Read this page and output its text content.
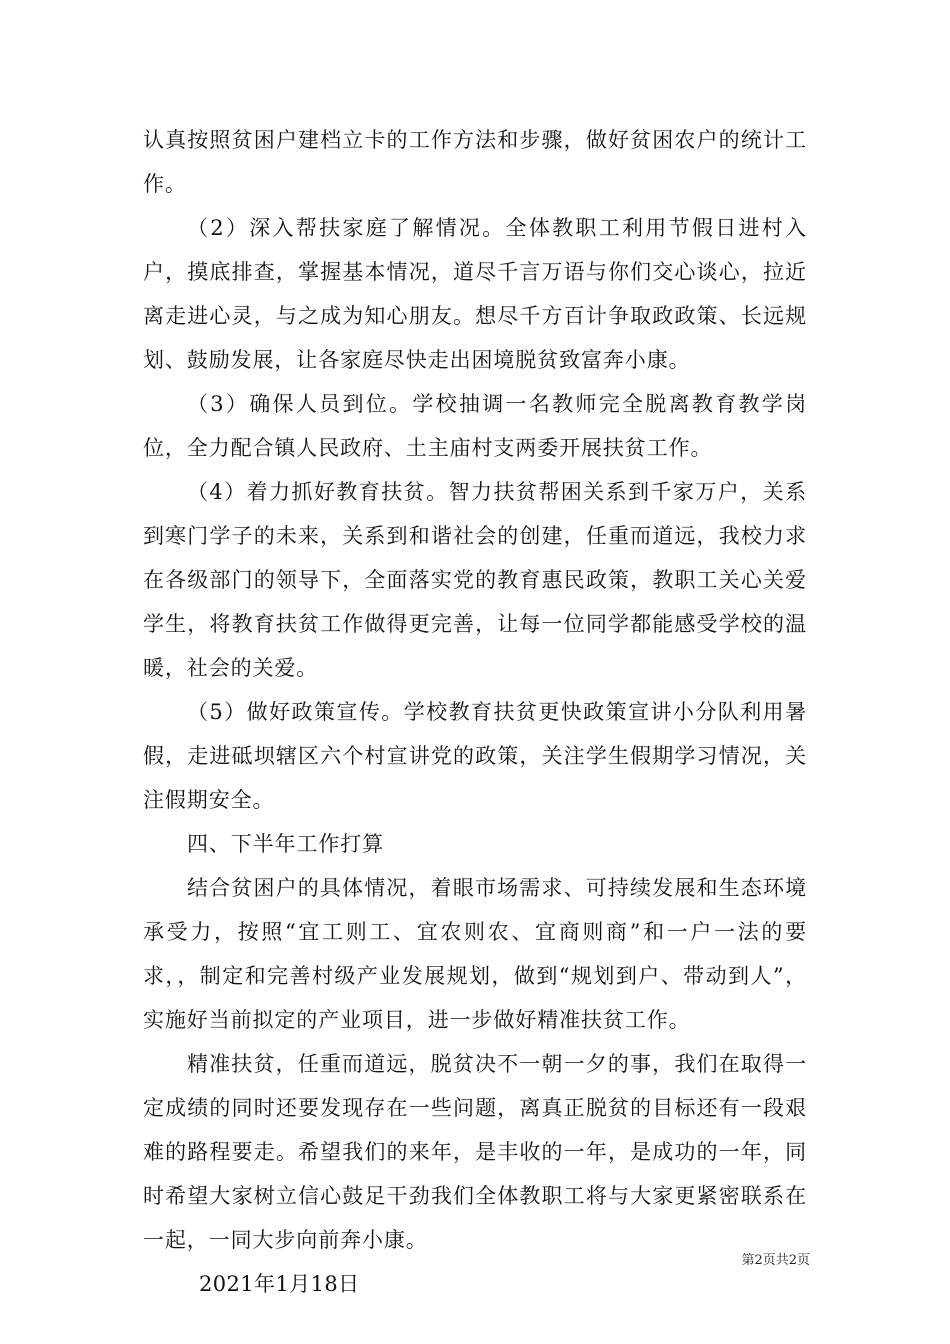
认真按照贫困户建档立卡的工作方法和步骤，做好贫困农户的统计工作。

（2）深入帮扶家庭了解情况。全体教职工利用节假日进村入户，摸底排查，掌握基本情况，道尽千言万语与你们交心谈心，拉近离走进心灵，与之成为知心朋友。想尽千方百计争取政政策、长远规划、鼓励发展，让各家庭尽快走出困境脱贫致富奔小康。

（3）确保人员到位。学校抽调一名教师完全脱离教育教学岗位，全力配合镇人民政府、土主庙村支两委开展扶贫工作。

（4）着力抓好教育扶贫。智力扶贫帮困关系到千家万户，关系到寒门学子的未来，关系到和谐社会的创建，任重而道远，我校力求在各级部门的领导下，全面落实党的教育惠民政策，教职工关心关爱学生，将教育扶贫工作做得更完善，让每一位同学都能感受学校的温暖，社会的关爱。

（5）做好政策宣传。学校教育扶贫更快政策宣讲小分队利用暑假，走进砥坝辖区六个村宣讲党的政策，关注学生假期学习情况，关注假期安全。

四、下半年工作打算

结合贫困户的具体情况，着眼市场需求、可持续发展和生态环境承受力，按照“宜工则工、宜农则农、宜商则商”和一户一法的要求，，制定和完善村级产业发展规划，做到“规划到户、带动到人”，实施好当前拟定的产业项目，进一步做好精准扶贫工作。

精准扶贫，任重而道远，脱贫决不一朝一夕的事，我们在取得一定成绩的同时还要发现存在一些问题，离真正脱贫的目标还有一段艰难的路程要走。希望我们的来年，是丰收的一年，是成功的一年，同时希望大家树立信心鼓足干劲我们全体教职工将与大家更紧密联系在一起，一同大步向前奔小康。

2021年1月18日

第2页共2页
